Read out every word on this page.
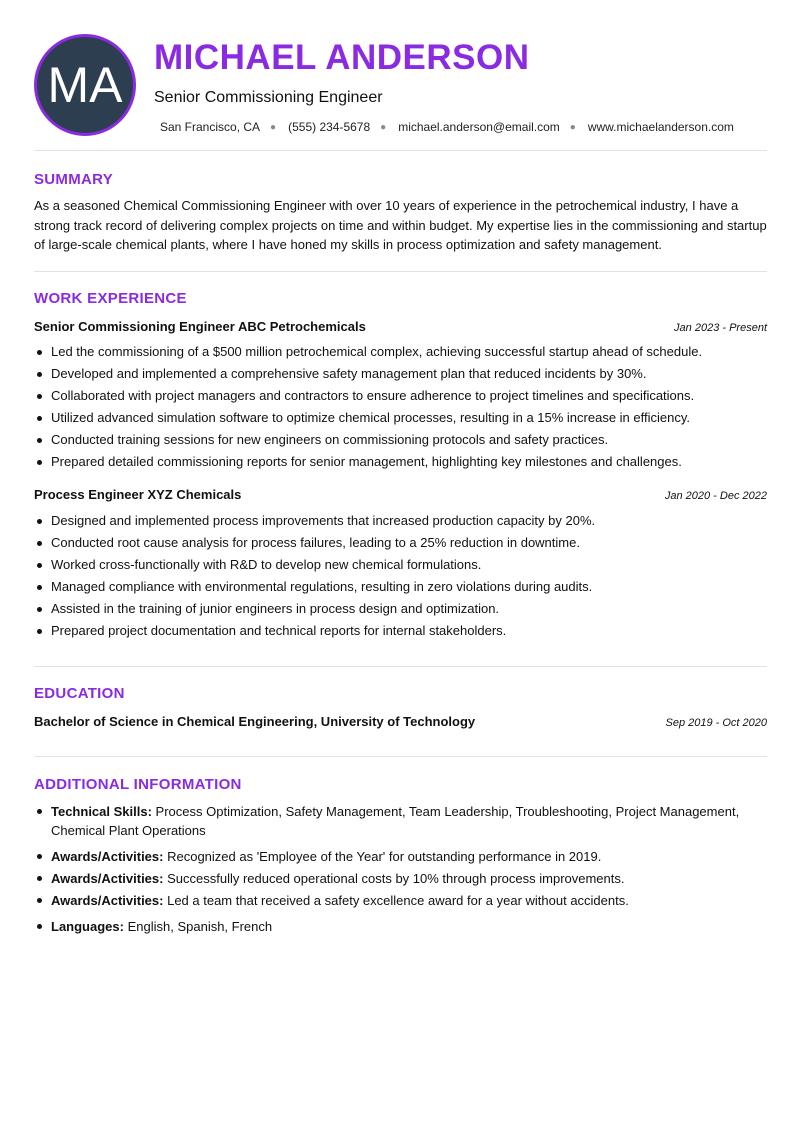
MA MICHAEL ANDERSON
Senior Commissioning Engineer
San Francisco, CA ● (555) 234-5678 ● michael.anderson@email.com ● www.michaelanderson.com
SUMMARY

As a seasoned Chemical Commissioning Engineer with over 10 years of experience in the petrochemical industry, I have a strong track record of delivering complex projects on time and within budget. My expertise lies in the commissioning and startup of large-scale chemical plants, where I have honed my skills in process optimization and safety management.

WORK EXPERIENCE
Senior Commissioning Engineer ABC Petrochemicals	Jan 2023 - Present
Led the commissioning of a $500 million petrochemical complex, achieving successful startup ahead of schedule.
Developed and implemented a comprehensive safety management plan that reduced incidents by 30%.
Collaborated with project managers and contractors to ensure adherence to project timelines and specifications.
Utilized advanced simulation software to optimize chemical processes, resulting in a 15% increase in efficiency.
Conducted training sessions for new engineers on commissioning protocols and safety practices.
Prepared detailed commissioning reports for senior management, highlighting key milestones and challenges.
Process Engineer XYZ Chemicals	Jan 2020 - Dec 2022
Designed and implemented process improvements that increased production capacity by 20%.
Conducted root cause analysis for process failures, leading to a 25% reduction in downtime.
Worked cross-functionally with R&D to develop new chemical formulations.
Managed compliance with environmental regulations, resulting in zero violations during audits.
Assisted in the training of junior engineers in process design and optimization.
Prepared project documentation and technical reports for internal stakeholders.
EDUCATION
Bachelor of Science in Chemical Engineering, University of Technology	Sep 2019 - Oct 2020
ADDITIONAL INFORMATION
Technical Skills: Process Optimization, Safety Management, Team Leadership, Troubleshooting, Project Management, Chemical Plant Operations
Awards/Activities: Recognized as 'Employee of the Year' for outstanding performance in 2019.
Awards/Activities: Successfully reduced operational costs by 10% through process improvements.
Awards/Activities: Led a team that received a safety excellence award for a year without accidents.
Languages: English, Spanish, French
